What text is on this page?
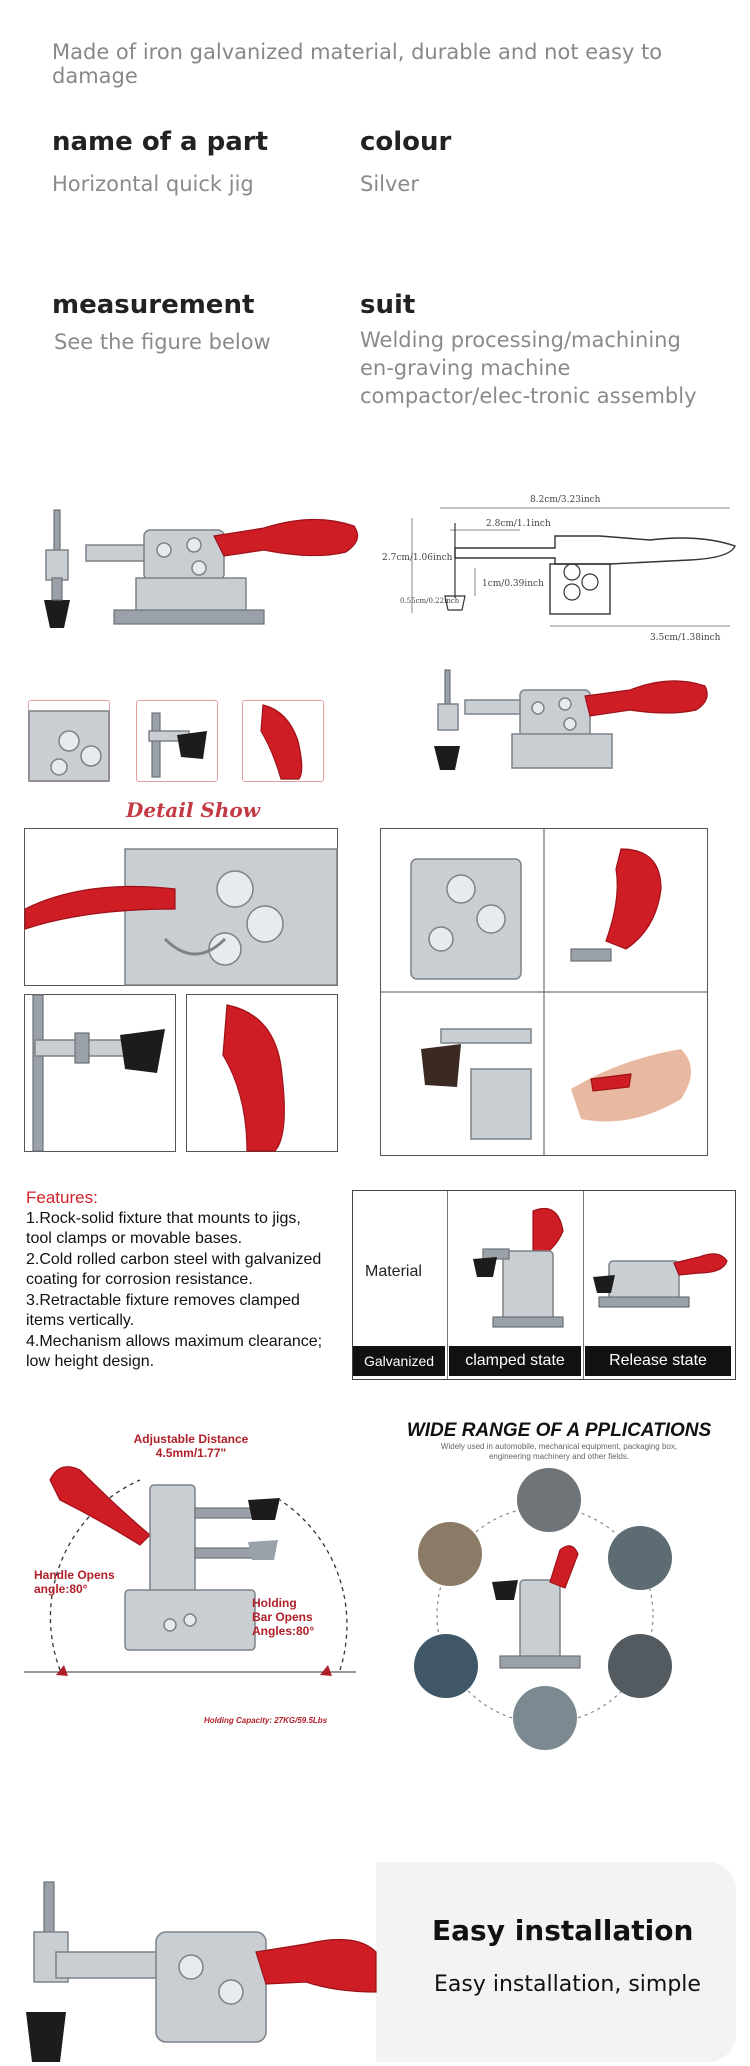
Made of iron galvanized material, durable and not easy to damage
name of a part
Horizontal quick jig
colour
Silver
measurement
See the figure below
suit
Welding processing/machining en-graving machine compactor/elec-tronic assembly
8.2cm/3.23inch
2.8cm/1.1inch
2.7cm/1.06inch
1cm/0.39inch
0.55cm/0.22inch
3.5cm/1.38inch
Detail Show
Features:
1.Rock-solid fixture that mounts to jigs,
tool clamps or movable bases.
2.Cold rolled carbon steel with galvanized
coating for corrosion resistance.
3.Retractable fixture removes clamped
items vertically.
4.Mechanism allows maximum clearance;
low height design.
Material
Galvanized	clamped state	Release state
Adjustable Distance
4.5mm/1.77"
Handle Opens
angle:80°
Holding
Bar Opens
Angles:80°
Holding Capacity: 27KG/59.5Lbs
WIDE RANGE OF A PPLICATIONS
Widely used in automobile, mechanical equipment, packaging box,
engineering machinery and other fields.
Easy installation
Easy installation, simple
